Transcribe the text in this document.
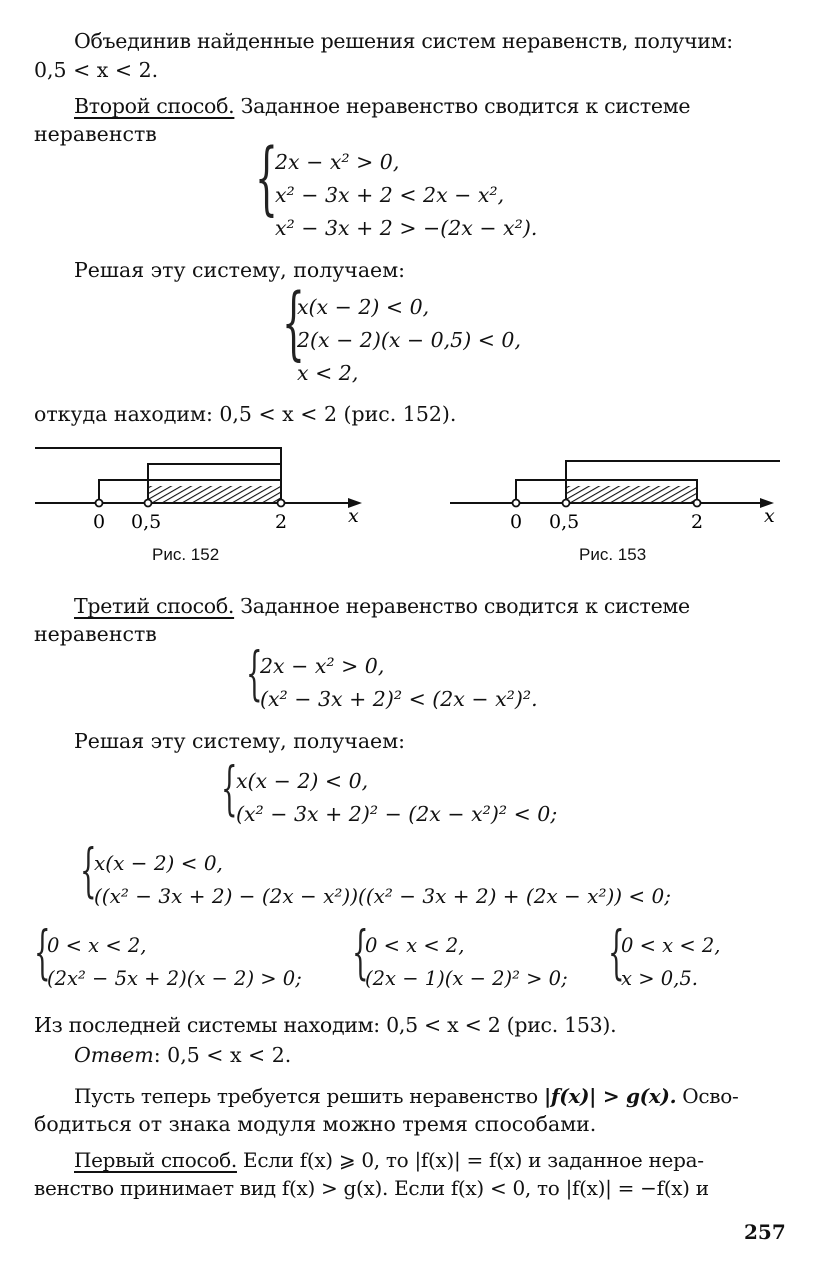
Объединив найденные решения систем неравенств, получим:
0,5 < x < 2.
Второй способ. Заданное неравенство сводится к системе
неравенств {
2x − x² > 0,
x² − 3x + 2 < 2x − x²,
x² − 3x + 2 > −(2x − x²).
Решая эту систему, получаем:
{
x(x − 2) < 0,
2(x − 2)(x − 0,5) < 0,
x < 2,
откуда находим: 0,5 < x < 2 (рис. 152).
0 0,5	2	x
Рис. 152
0 0,5	2	x
Рис. 153
Третий способ. Заданное неравенство сводится к системе
неравенств
{
2x − x² > 0,
(x² − 3x + 2)² < (2x − x²)².
Решая эту систему, получаем:
{
x(x − 2) < 0,
(x² − 3x + 2)² − (2x − x²)² < 0;
{
x(x − 2) < 0,
((x² − 3x + 2) − (2x − x²))((x² − 3x + 2) + (2x − x²)) < 0;
{
0 < x < 2,
(2x² − 5x + 2)(x − 2) > 0; {
0 < x < 2,
(2x − 1)(x − 2)² > 0; {
0 < x < 2,
x > 0,5.
Из последней системы находим: 0,5 < x < 2 (рис. 153).
Ответ: 0,5 < x < 2.
Пусть теперь требуется решить неравенство |f(x)| > g(x). Осво-
бодиться от знака модуля можно тремя способами.
Первый способ. Если f(x) ⩾ 0, то |f(x)| = f(x) и заданное нера-
венство принимает вид f(x) > g(x). Если f(x) < 0, то |f(x)| = −f(x) и
257
